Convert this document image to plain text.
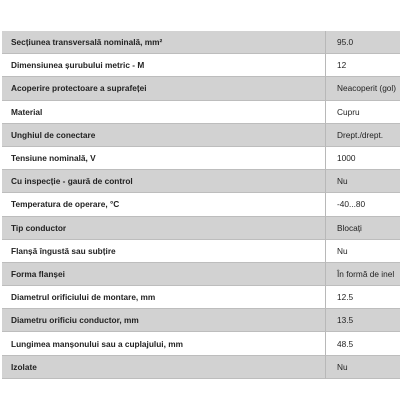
Secțiunea transversală nominală, mm²	95.0
Dimensiunea șurubului metric - M	12
Acoperire protectoare a suprafeței	Neacoperit (gol)
Material	Cupru
Unghiul de conectare	Drept./drept.
Tensiune nominală, V	1000
Cu inspecție - gaură de control	Nu
Temperatura de operare, °C	-40...80
Tip conductor	Blocați
Flanșă îngustă sau subțire	Nu
Forma flanșei	În formă de inel
Diametrul orificiului de montare, mm	12.5
Diametru orificiu conductor, mm	13.5
Lungimea manșonului sau a cuplajului, mm	48.5
Izolate	Nu
